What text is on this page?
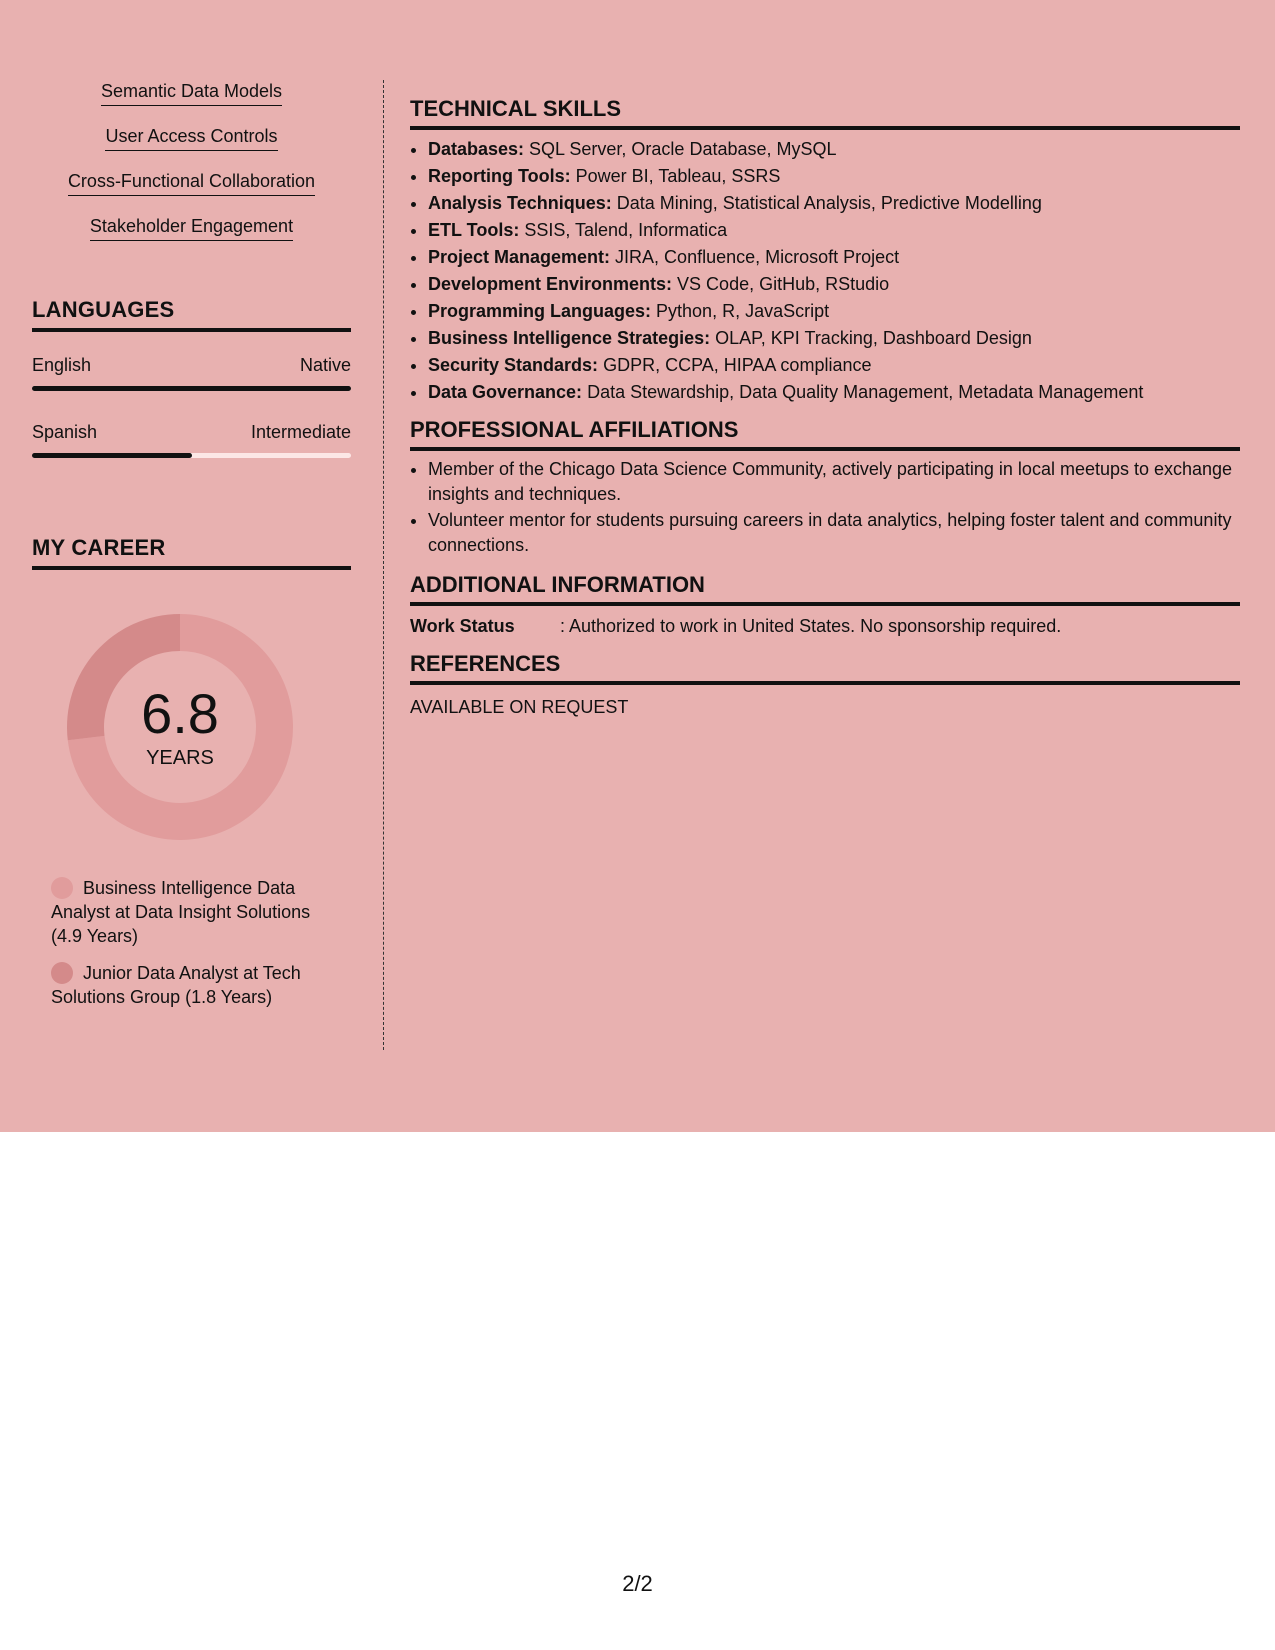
Semantic Data Models
User Access Controls
Cross-Functional Collaboration
Stakeholder Engagement
LANGUAGES
English	Native
Spanish	Intermediate
MY CAREER
6.8
YEARS
Business Intelligence Data Analyst at Data Insight Solutions (4.9 Years)
Junior Data Analyst at Tech Solutions Group (1.8 Years)
TECHNICAL SKILLS
• Databases: SQL Server, Oracle Database, MySQL
• Reporting Tools: Power BI, Tableau, SSRS
• Analysis Techniques: Data Mining, Statistical Analysis, Predictive Modelling
• ETL Tools: SSIS, Talend, Informatica
• Project Management: JIRA, Confluence, Microsoft Project
• Development Environments: VS Code, GitHub, RStudio
• Programming Languages: Python, R, JavaScript
• Business Intelligence Strategies: OLAP, KPI Tracking, Dashboard Design
• Security Standards: GDPR, CCPA, HIPAA compliance
• Data Governance: Data Stewardship, Data Quality Management, Metadata Management
PROFESSIONAL AFFILIATIONS
• Member of the Chicago Data Science Community, actively participating in local meetups to exchange insights and techniques.
• Volunteer mentor for students pursuing careers in data analytics, helping foster talent and community connections.
ADDITIONAL INFORMATION
Work Status	: Authorized to work in United States. No sponsorship required.
REFERENCES
AVAILABLE ON REQUEST
2/2
